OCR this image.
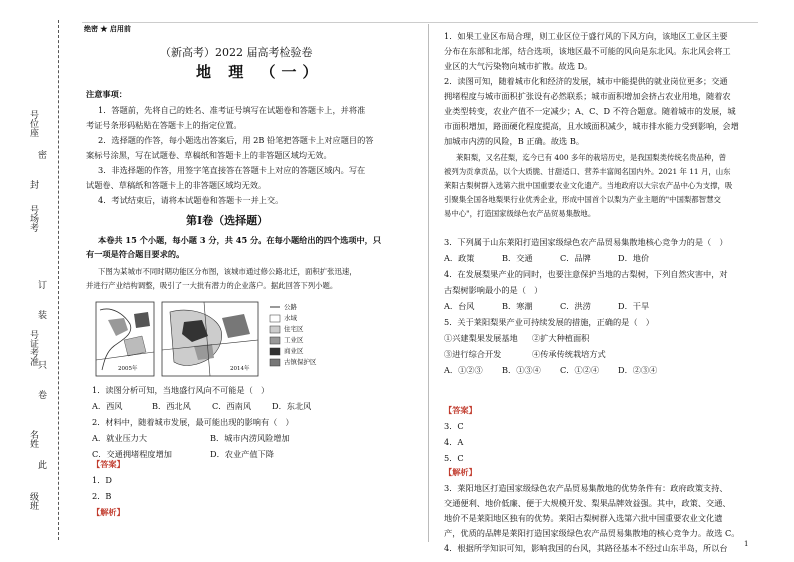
号位座
密
封
号场考
订
装
号证考准
只
卷
名姓
此
级班
绝密 ★ 启用前
（新高考）2022 届高考检验卷
地 理 （一）
注意事项：
1．答题前，先将自己的姓名、准考证号填写在试题卷和答题卡上，并将准
考证号条形码粘贴在答题卡上的指定位置。
2．选择题的作答，每小题选出答案后，用 2B 铅笔把答题卡上对应题目的答
案标号涂黑，写在试题卷、草稿纸和答题卡上的非答题区域均无效。
3．非选择题的作答，用签字笔直接答在答题卡上对应的答题区域内。写在
试题卷、草稿纸和答题卡上的非答题区域均无效。
4．考试结束后，请将本试题卷和答题卡一并上交。
第Ⅰ卷（选择题）
本卷共 15 个小题，每小题 3 分，共 45 分。在每小题给出的四个选项中，只
有一项是符合题目要求的。
下图为某城市不同时期功能区分布图，该城市通过修公路北迁，面积扩张迅速，
并进行产业结构调整，吸引了一大批有潜力的企业落户。据此回答下列小题。
公路
水域
住宅区
工业区
商业区
古镇保护区
2005年	2014年
1．读图分析可知，当地盛行风向不可能是（　）
A．西风	B．西北风	C．西南风	D．东北风
2．材料中，随着城市发展，最可能出现的影响有（　）
A．就业压力大	B．城市内涝风险增加
C．交通拥堵程度增加	D．农业产值下降
【答案】
1．D
2．B
【解析】
1．如果工业区布局合理，则工业区位于盛行风的下风方向，该地区工业区主要
分布在东部和北部，结合选项，该地区最不可能的风向是东北风。东北风会将工
业区的大气污染物向城市扩散。故选 D。
2．读图可知，随着城市化和经济的发展，城市中能提供的就业岗位更多；交通
拥堵程度与城市面积扩张设有必然联系；城市面积增加会挤占农业用地，随着农
业类型转变，农业产值不一定减少；A、C、D 不符合题意。随着城市的发展，城
市面积增加，路面硬化程度提高，且水域面积减少，城市排水能力受到影响，会增
加城市内涝的风险，B 正确。故选 B。
莱阳梨，又名茌梨，迄今已有 400 多年的栽培历史，是我国梨类传统名贵品种，曾
被列为贡拿贡品，以个大质脆、甘甜适口、营养丰富闻名国内外。2021 年 11 月，山东
莱阳古梨树群入选第六批中国重要农业文化遗产。当地政府以大宗农产品中心为支撑，吸
引聚集全国各地梨果行业优秀企业，形成中国首个以梨为产业主题的"中国梨都智慧交
易中心"，打造国家级绿色农产品贸易集散地。
3．下列属于山东莱阳打造国家级绿色农产品贸易集散地核心竞争力的是（　）
A．政策	B．交通	C．品牌	D．地价
4．在发展梨果产业的同时，也要注意保护当地的古梨树，下列自然灾害中，对
古梨树影响最小的是（　）
A．台风	B．寒潮	C．洪涝	D．干旱
5．关于莱阳梨果产业可持续发展的措施，正确的是（　）
①兴建梨果发展基地 ②扩大种植面积
③进行综合开发	④传承传统栽培方式
A．①②③ B．①③④ C．①②④ D．②③④
【答案】
3．C
4．A
5．C
【解析】
3．莱阳地区打造国家级绿色农产品贸易集散地的优势条件有：政府政策支持、
交通便利、地价低廉、便于大规模开发、梨果品牌效益强。其中，政策、交通、
地价不是莱阳地区独有的优势。莱阳古梨树群入选第六批中国重要农业文化遗
产，优质的品牌是莱阳打造国家级绿色农产品贸易集散地的核心竞争力。故选 C。
4．根据所学知识可知，影响我国的台风，其路径基本不经过山东半岛，所以台 1
